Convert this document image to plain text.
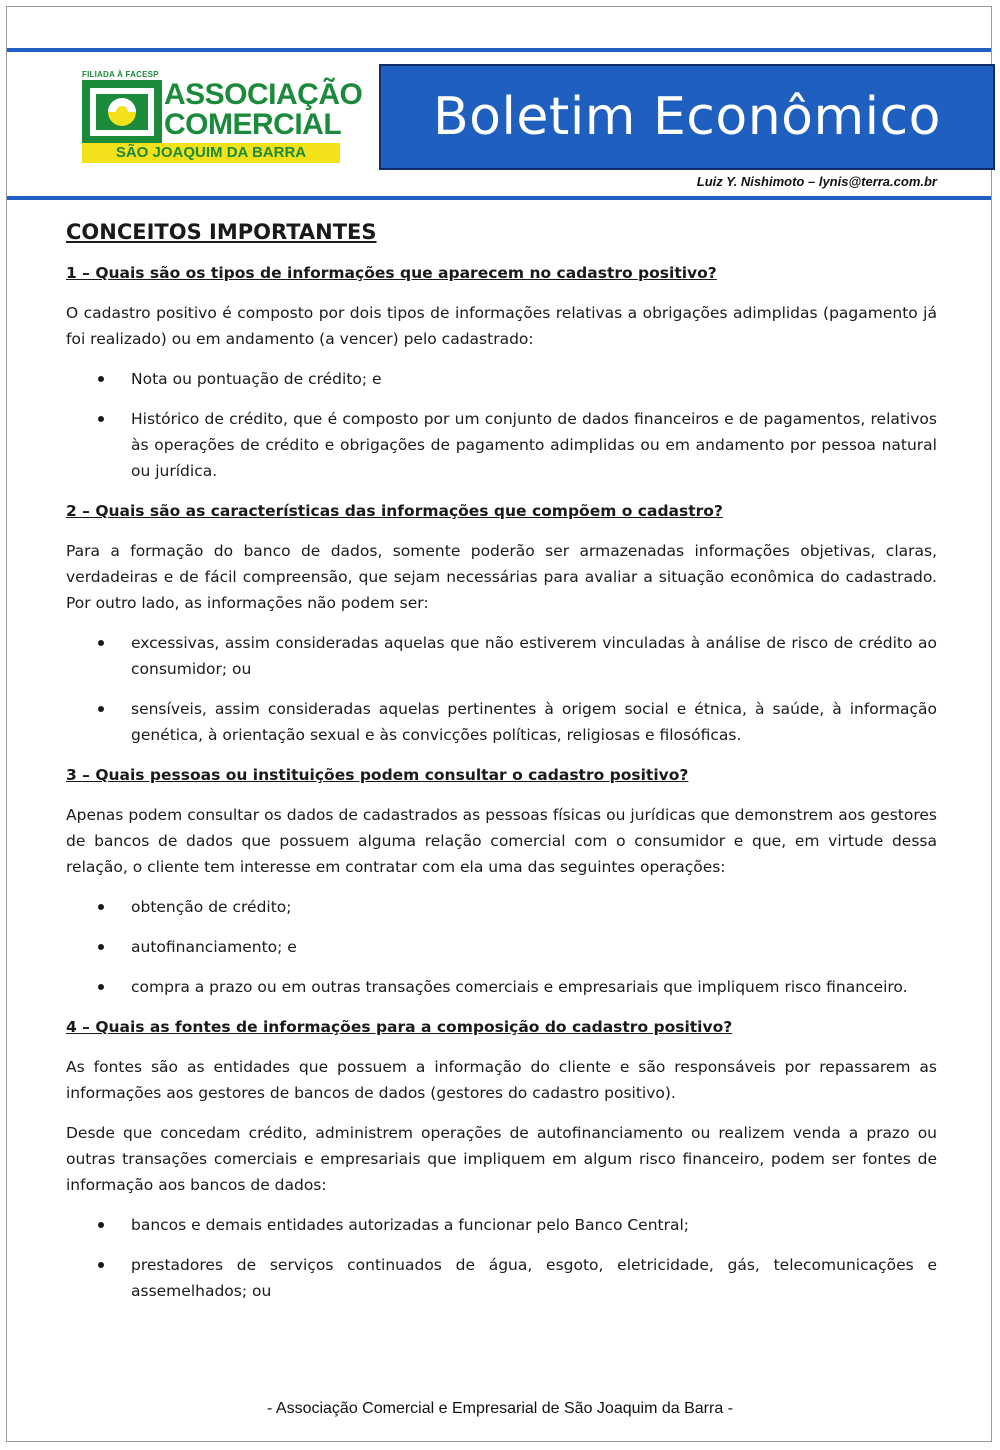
FILIADA À FACESP
ASSOCIAÇÃO
COMERCIAL
SÃO JOAQUIM DA BARRA
Boletim Econômico
Luiz Y. Nishimoto – lynis@terra.com.br
CONCEITOS IMPORTANTES
1 – Quais são os tipos de informações que aparecem no cadastro positivo?

O cadastro positivo é composto por dois tipos de informações relativas a obrigações adimplidas (pagamento já foi realizado) ou em andamento (a vencer) pelo cadastrado:

Nota ou pontuação de crédito; e
Histórico de crédito, que é composto por um conjunto de dados financeiros e de pagamentos, relativos às operações de crédito e obrigações de pagamento adimplidas ou em andamento por pessoa natural ou jurídica.
2 – Quais são as características das informações que compõem o cadastro?

Para a formação do banco de dados, somente poderão ser armazenadas informações objetivas, claras, verdadeiras e de fácil compreensão, que sejam necessárias para avaliar a situação econômica do cadastrado. Por outro lado, as informações não podem ser:

excessivas, assim consideradas aquelas que não estiverem vinculadas à análise de risco de crédito ao consumidor; ou
sensíveis, assim consideradas aquelas pertinentes à origem social e étnica, à saúde, à informação genética, à orientação sexual e às convicções políticas, religiosas e filosóficas.
3 – Quais pessoas ou instituições podem consultar o cadastro positivo?

Apenas podem consultar os dados de cadastrados as pessoas físicas ou jurídicas que demonstrem aos gestores de bancos de dados que possuem alguma relação comercial com o consumidor e que, em virtude dessa relação, o cliente tem interesse em contratar com ela uma das seguintes operações:

obtenção de crédito;
autofinanciamento; e
compra a prazo ou em outras transações comerciais e empresariais que impliquem risco financeiro.
4 – Quais as fontes de informações para a composição do cadastro positivo?

As fontes são as entidades que possuem a informação do cliente e são responsáveis por repassarem as informações aos gestores de bancos de dados (gestores do cadastro positivo).

Desde que concedam crédito, administrem operações de autofinanciamento ou realizem venda a prazo ou outras transações comerciais e empresariais que impliquem em algum risco financeiro, podem ser fontes de informação aos bancos de dados:

bancos e demais entidades autorizadas a funcionar pelo Banco Central;
prestadores de serviços continuados de água, esgoto, eletricidade, gás, telecomunicações e assemelhados; ou
- Associação Comercial e Empresarial de São Joaquim da Barra -
